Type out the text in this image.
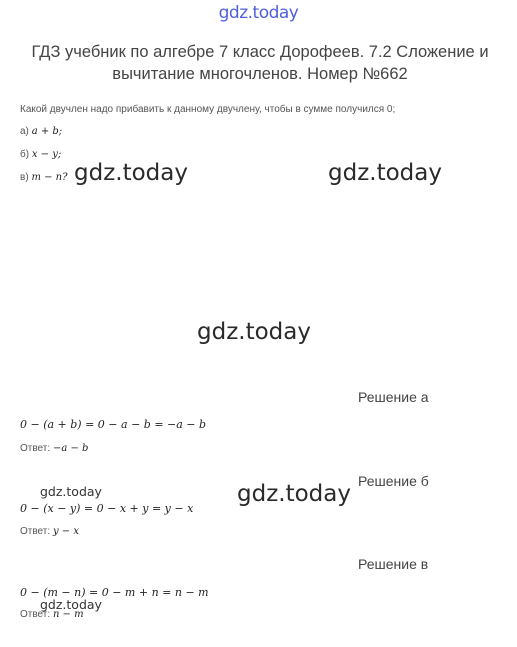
gdz.today
ГДЗ учебник по алгебре 7 класс Дорофеев. 7.2 Сложение и вычитание многочленов. Номер №662
Какой двучлен надо прибавить к данному двучлену, чтобы в сумме получился 0;
а) a + b;
б) x − y;
в) m − n? gdz.today	gdz.today
gdz.today
gdz.today
gdz.today
gdz.today
Решение а
0 − (a + b) = 0 − a − b = −a − b
Ответ: −a − b
Решение б
0 − (x − y) = 0 − x + y = y − x
Ответ: y − x
Решение в
0 − (m − n) = 0 − m + n = n − m
Ответ: n − m
